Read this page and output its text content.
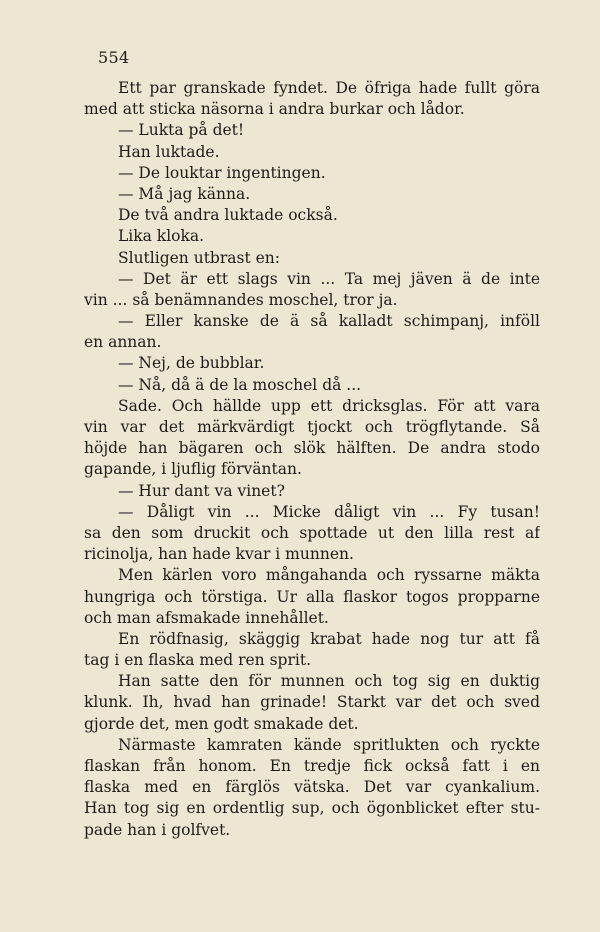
554
Ett par granskade fyndet. De öfriga hade fullt göra
med att sticka näsorna i andra burkar och lådor.
— Lukta på det!
Han luktade.
— De louktar ingentingen.
— Må jag känna.
De två andra luktade också.
Lika kloka.
Slutligen utbrast en:
— Det är ett slags vin ... Ta mej jäven ä de inte
vin ... så benämnandes moschel, tror ja.
— Eller kanske de ä så kalladt schimpanj, inföll
en annan.
— Nej, de bubblar.
— Nå, då ä de la moschel då ...
Sade. Och hällde upp ett dricksglas. För att vara
vin var det märkvärdigt tjockt och trögflytande. Så
höjde han bägaren och slök hälften. De andra stodo
gapande, i ljuflig förväntan.
— Hur dant va vinet?
— Dåligt vin ... Micke dåligt vin ... Fy tusan!
sa den som druckit och spottade ut den lilla rest af
ricinolja, han hade kvar i munnen.
Men kärlen voro mångahanda och ryssarne mäkta
hungriga och törstiga. Ur alla flaskor togos propparne
och man afsmakade innehållet.
En rödfnasig, skäggig krabat hade nog tur att få
tag i en flaska med ren sprit.
Han satte den för munnen och tog sig en duktig
klunk. Ih, hvad han grinade! Starkt var det och sved
gjorde det, men godt smakade det.
Närmaste kamraten kände spritlukten och ryckte
flaskan från honom. En tredje fick också fatt i en
flaska med en färglös vätska. Det var cyankalium.
Han tog sig en ordentlig sup, och ögonblicket efter stu-
pade han i golfvet.
